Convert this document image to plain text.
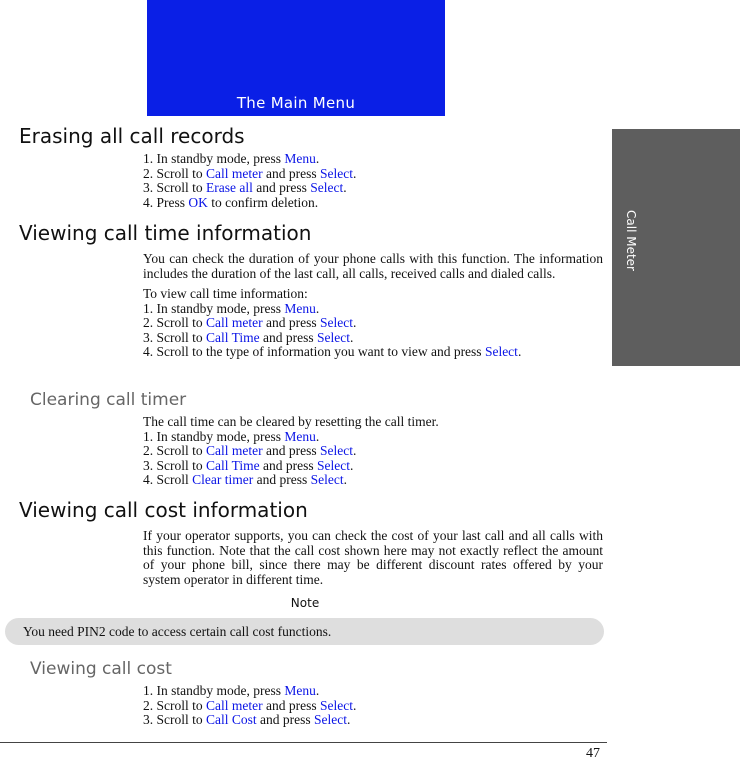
The Main Menu
Call Meter
Erasing all call records

1. In standby mode, press Menu.

2. Scroll to Call meter and press Select.

3. Scroll to Erase all and press Select.

4. Press OK to confirm deletion.

Viewing call time information

You can check the duration of your phone calls with this function. The information includes the duration of the last call, all calls, received calls and dialed calls.

To view call time information:

1. In standby mode, press Menu.

2. Scroll to Call meter and press Select.

3. Scroll to Call Time and press Select.

4. Scroll to the type of information you want to view and press Select.

Clearing call timer

The call time can be cleared by resetting the call timer.

1. In standby mode, press Menu.

2. Scroll to Call meter and press Select.

3. Scroll to Call Time and press Select.

4. Scroll Clear timer and press Select.

Viewing call cost information

If your operator supports, you can check the cost of your last call and all calls with this function. Note that the call cost shown here may not exactly reflect the amount of your phone bill, since there may be different discount rates offered by your system operator in different time.

Note
You need PIN2 code to access certain call cost functions.
Viewing call cost

1. In standby mode, press Menu.

2. Scroll to Call meter and press Select.

3. Scroll to Call Cost and press Select.

47
